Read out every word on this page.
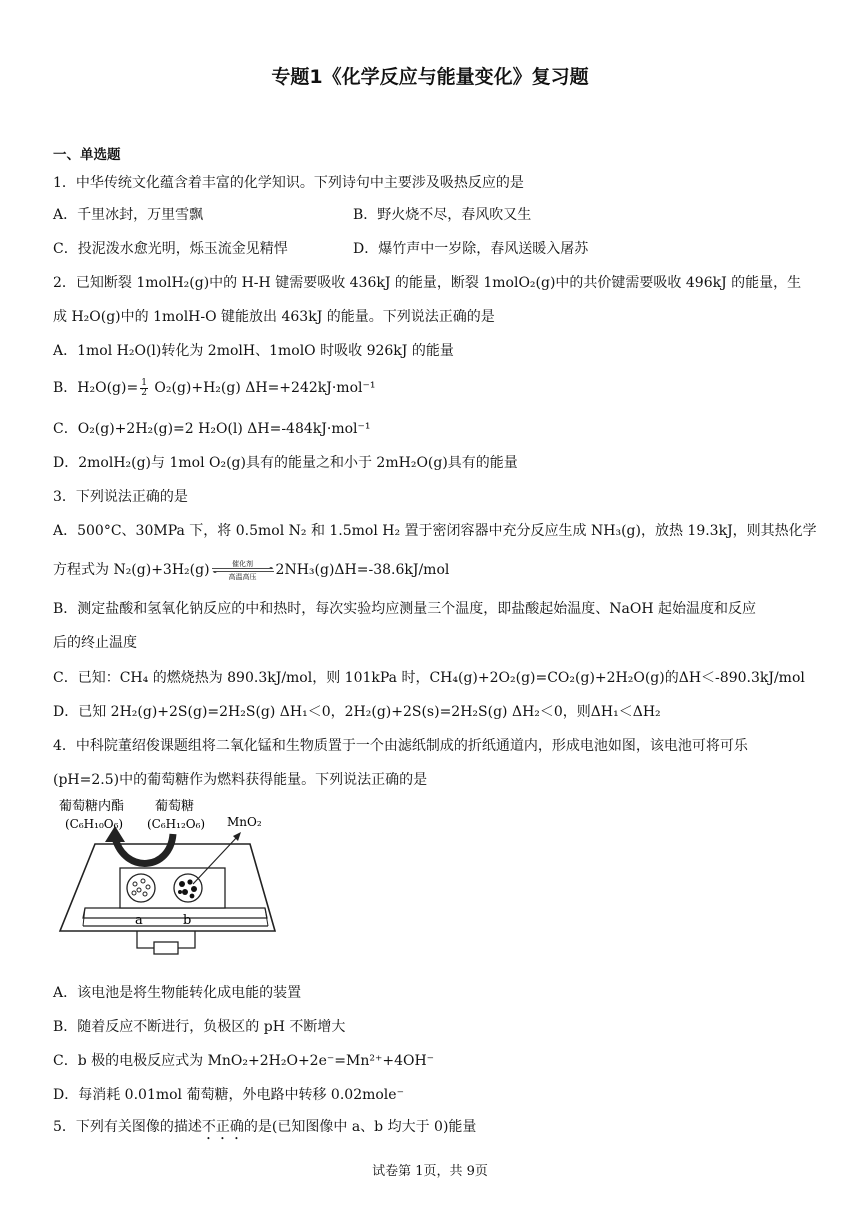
专题1《化学反应与能量变化》复习题
一、单选题
1．中华传统文化蕴含着丰富的化学知识。下列诗句中主要涉及吸热反应的是
A．千里冰封，万里雪飘	B．野火烧不尽，春风吹又生
C．投泥泼水愈光明，烁玉流金见精悍	D．爆竹声中一岁除，春风送暖入屠苏
2．已知断裂 1molH₂(g)中的 H-H 键需要吸收 436kJ 的能量，断裂 1molO₂(g)中的共价键需要吸收 496kJ 的能量，生
成 H₂O(g)中的 1molH-O 键能放出 463kJ 的能量。下列说法正确的是
A．1mol H₂O(l)转化为 2molH、1molO 时吸收 926kJ 的能量
B．$H_2O(g)= \frac{1}{2} O_2(g)+H_2(g)$ ΔH=+242kJ·mol⁻¹
C．O₂(g)+2H₂(g)=2 H₂O(l) ΔH=-484kJ·mol⁻¹
D．2molH₂(g)与 1mol O₂(g)具有的能量之和小于 2mH₂O(g)具有的能量
3．下列说法正确的是
A．500°C、30MPa 下，将 0.5mol N₂ 和 1.5mol H₂ 置于密闭容器中充分反应生成 NH₃(g)，放热 19.3kJ，则其热化学
方程式为 N₂(g)+3H₂(g)	催化剂
高温高压	2NH₃(g)ΔH=-38.6kJ/mol
B．测定盐酸和氢氧化钠反应的中和热时，每次实验均应测量三个温度，即盐酸起始温度、NaOH 起始温度和反应
后的终止温度
C．已知：CH₄ 的燃烧热为 890.3kJ/mol，则 101kPa 时，CH₄(g)+2O₂(g)=CO₂(g)+2H₂O(g)的ΔH＜-890.3kJ/mol
D．已知 2H₂(g)+2S(g)=2H₂S(g) ΔH₁＜0，2H₂(g)+2S(s)=2H₂S(g) ΔH₂＜0，则ΔH₁＜ΔH₂
4．中科院董绍俊课题组将二氧化锰和生物质置于一个由滤纸制成的折纸通道内，形成电池如图，该电池可将可乐
(pH=2.5)中的葡萄糖作为燃料获得能量。下列说法正确的是
a	b
葡萄糖内酯
(C₆H₁₀O₆)
葡萄糖
(C₆H₁₂O₆) MnO₂
A．该电池是将生物能转化成电能的装置
B．随着反应不断进行，负极区的 pH 不断增大
C．b 极的电极反应式为 MnO₂+2H₂O+2e⁻=Mn²⁺+4OH⁻
D．每消耗 0.01mol 葡萄糖，外电路中转移 0.02mole⁻
5．下列有关图像的描述不正确的是(已知图像中 a、b 均大于 0)能量
试卷第 1页，共 9页
